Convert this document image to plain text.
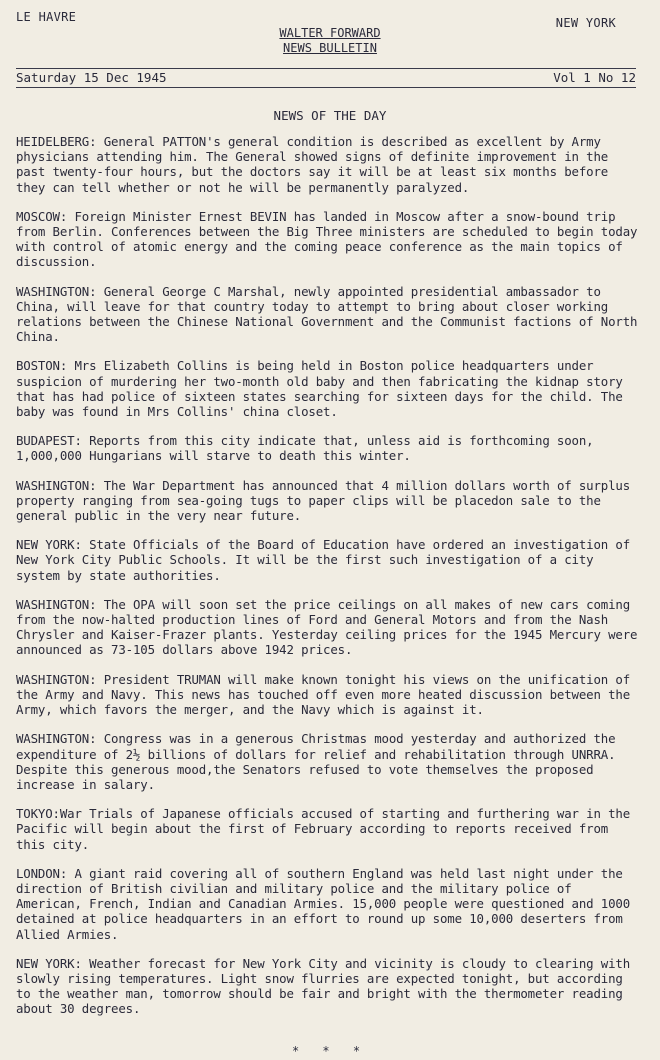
LE HAVRE	NEW YORK
WALTER FORWARD
NEWS BULLETIN
Saturday 15 Dec 1945	Vol 1 No 12
NEWS OF THE DAY

HEIDELBERG: General PATTON's general condition is described as excellent by Army physicians attending him. The General showed signs of definite improvement in the past twenty-four hours, but the doctors say it will be at least six months before they can tell whether or not he will be permanently paralyzed.

MOSCOW: Foreign Minister Ernest BEVIN has landed in Moscow after a snow-bound trip from Berlin. Conferences between the Big Three ministers are scheduled to begin today with control of atomic energy and the coming peace conference as the main topics of discussion.

WASHINGTON: General George C Marshal, newly appointed presidential ambassador to China, will leave for that country today to attempt to bring about closer working relations between the Chinese National Government and the Communist factions of North China.

BOSTON: Mrs Elizabeth Collins is being held in Boston police headquarters under suspicion of murdering her two-month old baby and then fabricating the kidnap story that has had police of sixteen states searching for sixteen days for the child. The baby was found in Mrs Collins' china closet.

BUDAPEST: Reports from this city indicate that, unless aid is forthcoming soon, 1,000,000 Hungarians will starve to death this winter.

WASHINGTON: The War Department has announced that 4 million dollars worth of surplus property ranging from sea-going tugs to paper clips will be placedon sale to the general public in the very near future.

NEW YORK: State Officials of the Board of Education have ordered an investigation of New York City Public Schools. It will be the first such investigation of a city system by state authorities.

WASHINGTON: The OPA will soon set the price ceilings on all makes of new cars coming from the now-halted production lines of Ford and General Motors and from the Nash Chrysler and Kaiser-Frazer plants. Yesterday ceiling prices for the 1945 Mercury were announced as 73-105 dollars above 1942 prices.

WASHINGTON: President TRUMAN will make known tonight his views on the unification of the Army and Navy. This news has touched off even more heated discussion between the Army, which favors the merger, and the Navy which is against it.

WASHINGTON: Congress was in a generous Christmas mood yesterday and authorized the expenditure of 2½ billions of dollars for relief and rehabilitation through UNRRA. Despite this generous mood,the Senators refused to vote themselves the proposed increase in salary.

TOKYO:War Trials of Japanese officials accused of starting and furthering war in the Pacific will begin about the first of February according to reports received from this city.

LONDON: A giant raid covering all of southern England was held last night under the direction of British civilian and military police and the military police of American, French, Indian and Canadian Armies. 15,000 people were questioned and 1000 detained at police headquarters in an effort to round up some 10,000 deserters from Allied Armies.

NEW YORK: Weather forecast for New York City and vicinity is cloudy to clearing with slowly rising temperatures. Light snow flurries are expected tonight, but according to the weather man, tomorrow should be fair and bright with the thermometer reading about 30 degrees.

* * *
